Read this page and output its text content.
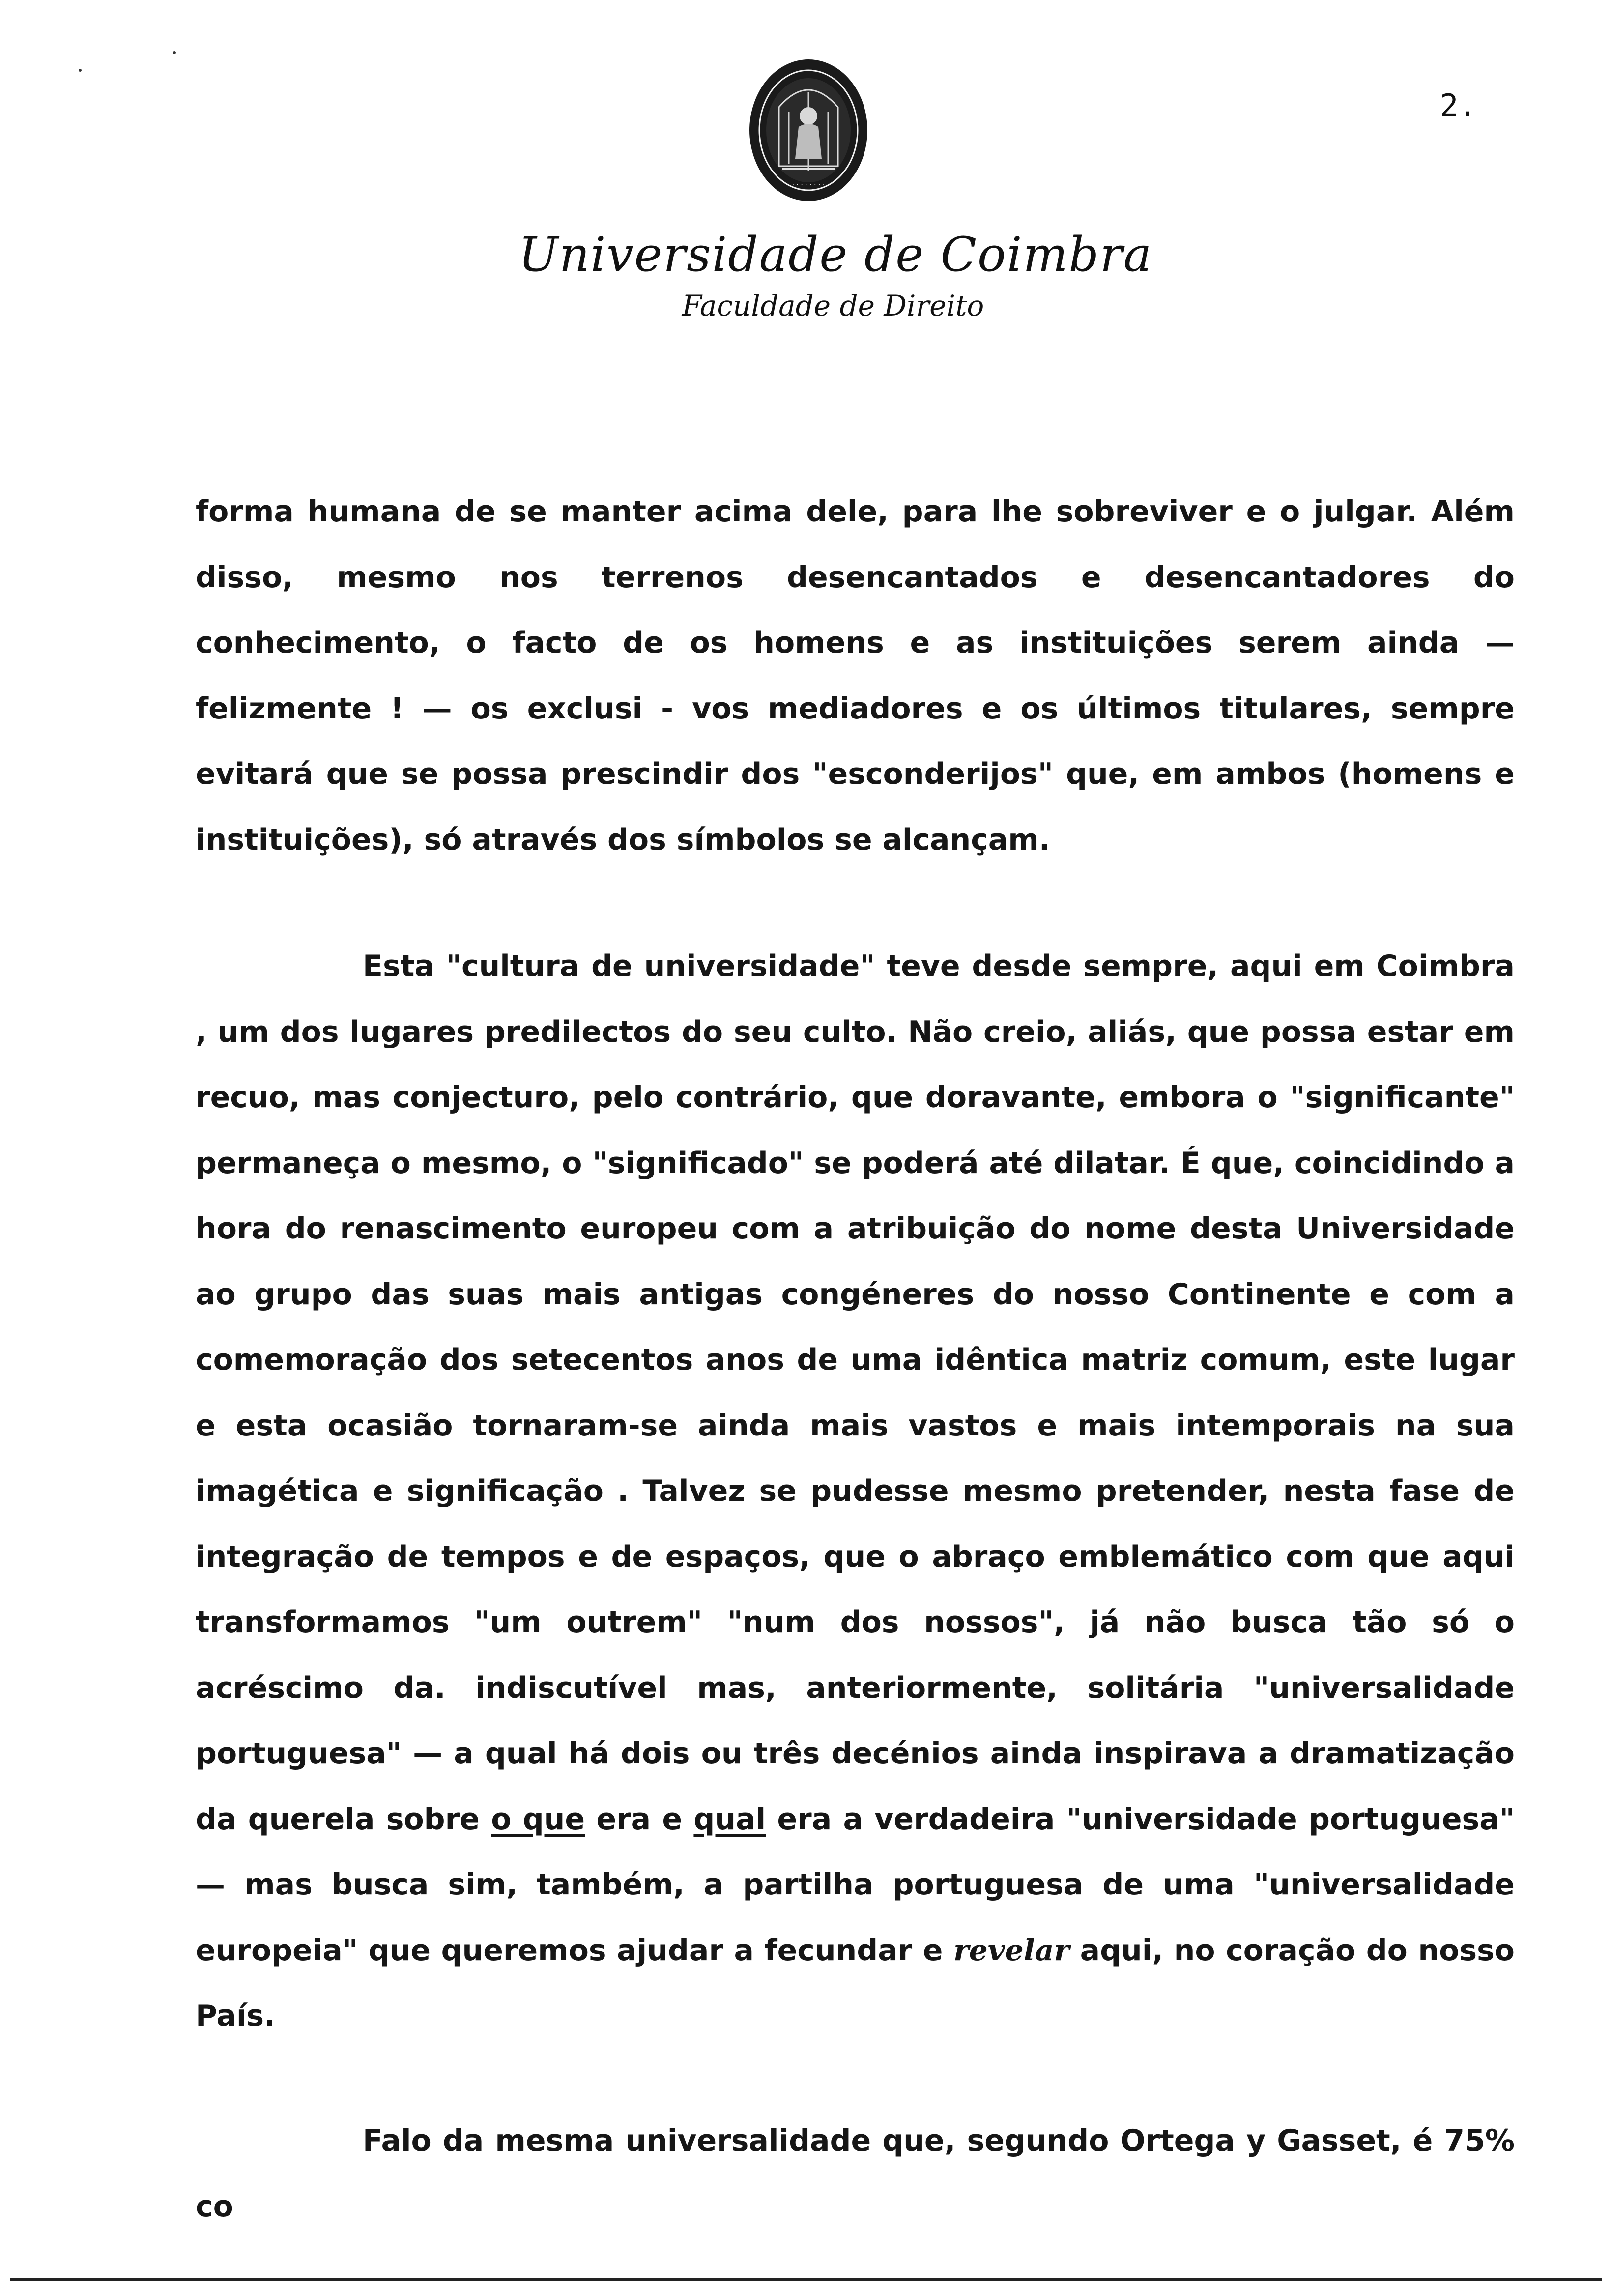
· · · · · · · ·
2.
Universidade de Coimbra
Faculdade de Direito

forma humana de se manter acima dele, para lhe sobreviver e o julgar. Além disso, mesmo nos terrenos desencantados e desencantadores do conhecimento, o facto de os homens e as instituições serem ainda — felizmente ! — os exclusi - vos mediadores e os últimos titulares, sempre evitará que se possa prescindir dos "esconderijos" que, em ambos (homens e instituições), só através dos símbolos se alcançam.

Esta "cultura de universidade" teve desde sempre, aqui em Coimbra , um dos lugares predilectos do seu culto. Não creio, aliás, que possa estar em recuo, mas conjecturo, pelo contrário, que doravante, embora o "significante" permaneça o mesmo, o "significado" se poderá até dilatar. É que, coincidindo a hora do renascimento europeu com a atribuição do nome desta Universidade ao grupo das suas mais antigas congéneres do nosso Continente e com a comemoração dos setecentos anos de uma idêntica matriz comum, este lugar e esta ocasião tornaram-se ainda mais vastos e mais intemporais na sua imagética e significação . Talvez se pudesse mesmo pretender, nesta fase de integração de tempos e de espaços, que o abraço emblemático com que aqui transformamos "um outrem" "num dos nossos", já não busca tão só o acréscimo da. indiscutível mas, anteriormente, solitária "universalidade portuguesa" — a qual há dois ou três decénios ainda inspirava a dramatização da querela sobre o que era e qual era a verdadeira "universidade portuguesa" — mas busca sim, também, a partilha portuguesa de uma "universalidade europeia" que queremos ajudar a fecundar e revelar aqui, no coração do nosso País.

Falo da mesma universalidade que, segundo Ortega y Gasset, é 75% co
